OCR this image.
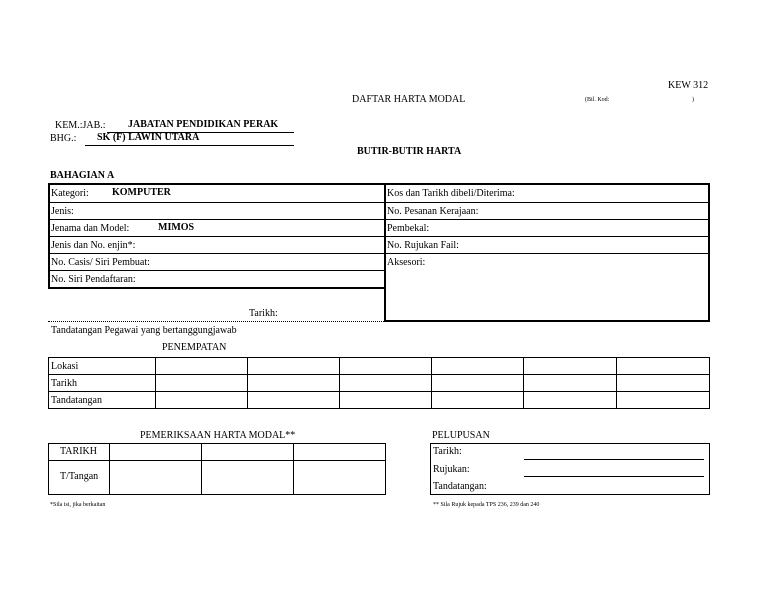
KEW 312
DAFTAR HARTA MODAL	(Bil. Kod:	)
KEM.:JAB.: JABATAN PENDIDIKAN PERAK
BHG.: SK (F) LAWIN UTARA
BUTIR-BUTIR HARTA
BAHAGIAN A
Kategori: KOMPUTER
Jenis:
Jenama dan Model:	MIMOS
Jenis dan No. enjin*:
No. Casis/ Siri Pembuat:
No. Siri Pendaftaran:
Kos dan Tarikh dibeli/Diterima:
No. Pesanan Kerajaan:
Pembekal:
No. Rujukan Fail:
Aksesori:
Tarikh:
Tandatangan Pegawai yang bertanggungjawab
PENEMPATAN
Lokasi
Tarikh
Tandatangan
PEMERIKSAAN HARTA MODAL**
TARIKH
T/Tangan
PELUPUSAN
Tarikh:
Rujukan:
Tandatangan:
*Sila isi, jika berkaitan	** Sila Rujuk kepada TPS 236, 239 dan 240
